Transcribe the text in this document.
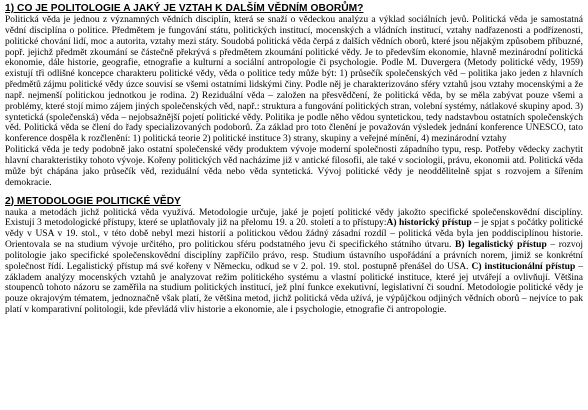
1) CO JE POLITOLOGIE A JAKÝ JE VZTAH K DALŠÍM VĚDNÍM OBORŮM?

Politická věda je jednou z významných vědních disciplín, která se snaží o vědeckou analýzu a výklad sociálních jevů. Politická věda je samostatná vědní disciplína o politice. Předmětem je fungování státu, politických institucí, mocenských a vládních institucí, vztahy nadřazenosti a podřízenosti, politické chování lidí, moc a autorita, vztahy mezi státy. Soudobá politická věda čerpá z dalších vědních oborů, které jsou nějakým způsobem příbuzné, popř. jejichž předmět zkoumání se částečně překrývá s předmětem zkoumání politické vědy. Je to především ekonomie, hlavně mezinárodní politická ekonomie, dále historie, geografie, etnografie a kulturní a sociální antropologie či psychologie. Podle M. Duvergera (Metody politické vědy, 1959) existují tři odlišné koncepce charakteru politické vědy, věda o politice tedy může být: 1) průsečík společenských věd – politika jako jeden z hlavních předmětů zájmu politické vědy úzce souvisí se všemi ostatními lidskými činy. Podle něj je charakterizováno sféry vztahů jsou vztahy mocenskými a že např. nejmenší politickou jednotkou je rodina. 2) Reziduální věda – založen na přesvědčení, že politická věda, by se měla zabývat pouze všemi a problémy, které stojí mimo zájem jiných společenských věd, např.: struktura a fungování politických stran, volební systémy, nátlakové skupiny apod. 3) syntetická (společenská) věda – nejobsažnější pojetí politické vědy. Politika je podle něho vědou syntetickou, tedy nadstavbou ostatních společenských věd. Politická věda se člení do řady specializovaných podoborů. Za základ pro toto členění je považován výsledek jednání konference UNESCO, tato konference dospěla k rozčlenění: 1) politická teorie 2) politické instituce 3) strany, skupiny a veřejné mínění, 4) mezinárodní vztahy

Politická věda je tedy podobně jako ostatní společenské vědy produktem vývoje moderní společnosti západního typu, resp. Potřeby vědecky zachytit hlavní charakteristiky tohoto vývoje. Kořeny politických věd nacházíme již v antické filosofii, ale také v sociologii, právu, ekonomii atd. Politická věda může být chápána jako průsečík věd, reziduální věda nebo věda syntetická. Vývoj politické vědy je neoddělitelně spjat s rozvojem a šířením demokracie.

2) METODOLOGIE POLITICKÉ VĚDY

nauka a metodách jichž politická věda využívá. Metodologie určuje, jaké je pojetí politické vědy jakožto specifické společenskovědní disciplíny. Existují 3 metodologické přístupy, které se uplatňovaly již na přelomu 19. a 20. století a to přístupy:A) historický přístup – je spjat s počátky politické vědy v USA v 19. stol., v této době nebyl mezi historií a politickou vědou žádný zásadní rozdíl – politická věda byla jen poddisciplínou historie. Orientovala se na studium vývoje určitého, pro politickou sféru podstatného jevu či specifického státního útvaru. B) legalistický přístup – rozvoj politologie jako specifické společenskovědní disciplíny zapříčilo právo, resp. Studium ústavního uspořádání a právních norem, jimiž se konkrétní společnost řídí. Legalistický přístup má své kořeny v Německu, odkud se v 2. pol. 19. stol. postupně přenášel do USA. C) institucionální přístup – základem analýzy mocenských vztahů je analyzovat režim politického systému a vlastní politické instituce, které jej utvářejí a ovlivňují. Většina stoupenců tohoto názoru se zaměřila na studium politických institucí, jež plní funkce exekutivní, legislativní či soudní. Metodologie politické vědy je pouze okrajovým tématem, jednoznačně však platí, že většina metod, jichž politická věda užívá, je výpůjčkou odjiných vědních oborů – nejvíce to pak platí v komparativní politologii, kde převládá vliv historie a ekonomie, ale i psychologie, etnografie či antropologie.
